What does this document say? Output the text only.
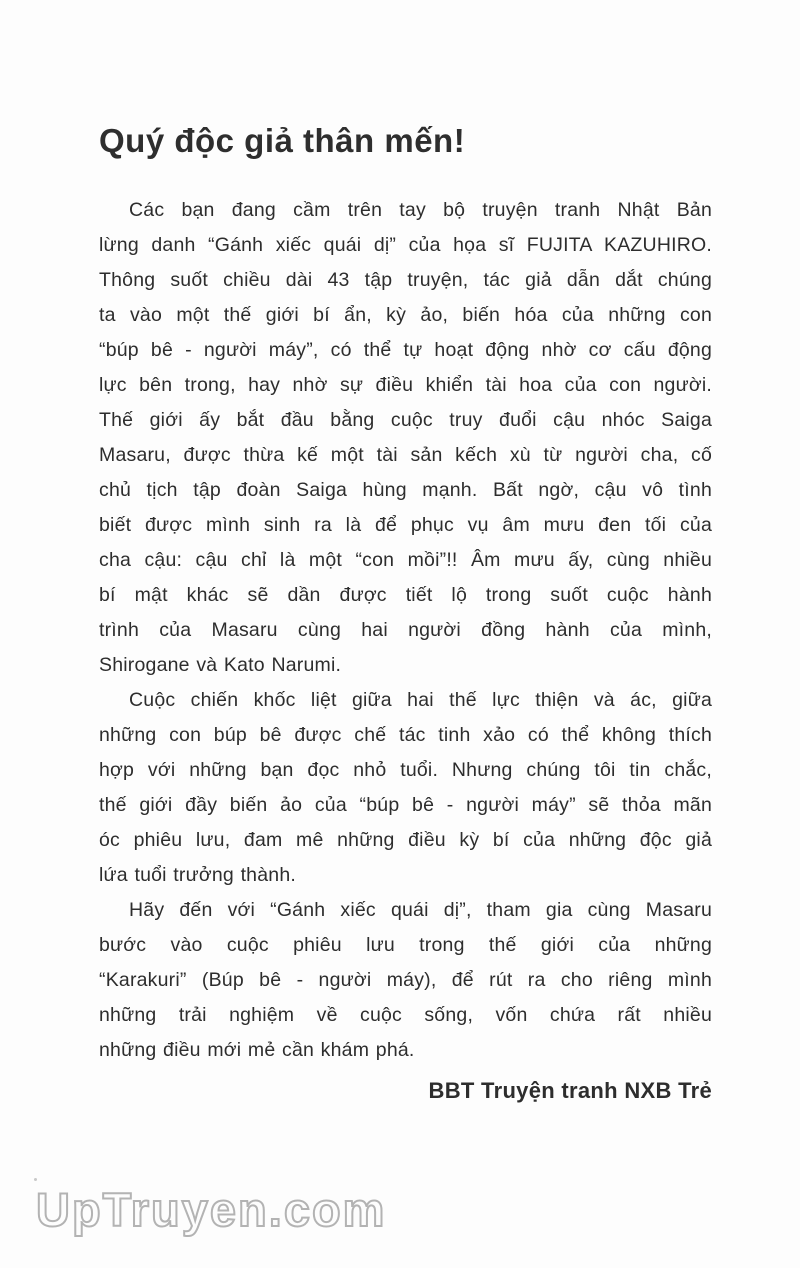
Quý độc giả thân mến!
Các bạn đang cầm trên tay bộ truyện tranh Nhật Bản
lừng danh “Gánh xiếc quái dị” của họa sĩ FUJITA KAZUHIRO.
Thông suốt chiều dài 43 tập truyện, tác giả dẫn dắt chúng
ta vào một thế giới bí ẩn, kỳ ảo, biến hóa của những con
“búp bê - người máy”, có thể tự hoạt động nhờ cơ cấu động
lực bên trong, hay nhờ sự điều khiển tài hoa của con người.
Thế giới ấy bắt đầu bằng cuộc truy đuổi cậu nhóc Saiga
Masaru, được thừa kế một tài sản kếch xù từ người cha, cố
chủ tịch tập đoàn Saiga hùng mạnh. Bất ngờ, cậu vô tình
biết được mình sinh ra là để phục vụ âm mưu đen tối của
cha cậu: cậu chỉ là một “con mồi”!! Âm mưu ấy, cùng nhiều
bí mật khác sẽ dần được tiết lộ trong suốt cuộc hành
trình của Masaru cùng hai người đồng hành của mình,
Shirogane và Kato Narumi.
Cuộc chiến khốc liệt giữa hai thế lực thiện và ác, giữa
những con búp bê được chế tác tinh xảo có thể không thích
hợp với những bạn đọc nhỏ tuổi. Nhưng chúng tôi tin chắc,
thế giới đầy biến ảo của “búp bê - người máy” sẽ thỏa mãn
óc phiêu lưu, đam mê những điều kỳ bí của những độc giả
lứa tuổi trưởng thành.
Hãy đến với “Gánh xiếc quái dị”, tham gia cùng Masaru
bước vào cuộc phiêu lưu trong thế giới của những
“Karakuri” (Búp bê - người máy), để rút ra cho riêng mình
những trải nghiệm về cuộc sống, vốn chứa rất nhiều
những điều mới mẻ cần khám phá.
BBT Truyện tranh NXB Trẻ
UpTruyen.com
